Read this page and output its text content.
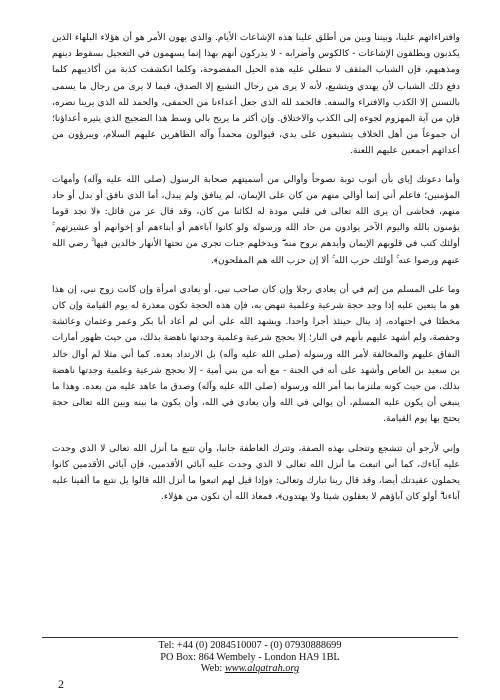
وافتراءاتهم علينا، وبيننا وبين من أطلق علينا هذه الإشاعات الأيام. والذي يهون الأمر هو أن هؤلاء البلهاء الذين يكذبون ويطلقون الإشاعات - كالكوس وأضرابه - لا يدركون أنهم بهذا إنما يسهمون في التعجيل بسقوط دينهم ومذهبهم، فإن الشباب المثقف لا تنطلي عليه هذه الحيل المفضوحة، وكلما انكشفت كذبة من أكاذيبهم كلما دفع ذلك الشباب لأن يهتدي ويتشيع، لأنه لا يرى من رجال التشيع إلا الصدق، فيما لا يرى من رجال ما يسمى بالتسنن إلا الكذب والافتراء والسفه. فالحمد لله الذي جعل أعداءنا من الحمقى، والحمد لله الذي يرينا نصره، فإن من آية المهزوم لجوءه إلى الكذب والاختلاق. وإن أكثر ما يريح بالي وسط هذا الضجيج الذي يثيره أعداؤنا؛ أن جموعاً من أهل الخلاف يتشيعون على يدي، فيوالون محمداً وآله الطاهرين عليهم السلام، ويبرؤون من أعدائهم أجمعين عليهم اللعنة.

وأما دعوتك إياي بأن أتوب توبة نصوحاً وأوالي من أسميتهم صحابة الرسول (صلى الله عليه وآله) وأمهات المؤمنين؛ فاعلم أني إنما أوالي منهم من كان على الإيمان، لم ينافق ولم يبدل، أما الذي نافق أو بدل أو حاد منهم، فحاشى أن يرى الله تعالى في قلبي مودة له لكائنا من كان، وقد قال عز من قائل: ﴿لا تجد قوما يؤمنون بالله واليوم الآخر يوادون من حاد الله ورسوله ولو كانوا آباءهم أو أبناءهم أو إخوانهم أو عشيرتهم ۚ أولئك كتب في قلوبهم الإيمان وأيدهم بروح منه ۖ ويدخلهم جنات تجري من تحتها الأنهار خالدين فيها ۚ رضي الله عنهم ورضوا عنه ۚ أولئك حزب الله ۚ ألا إن حزب الله هم المفلحون﴾.

وما على المسلم من إثم في أن يعادي رجلا وإن كان صاحب نبي، أو يعادي امرأة وإن كانت زوج نبي، إن هذا هو ما يتعين عليه إذا وجد حجة شرعية وعلمية تنهض به، فإن هذه الحجة تكون معذرة له يوم القيامة وإن كان مخطئا في اجتهاده، إذ ينال حينئذ أجرا واحدا. ويشهد الله علي أني لم أعاد أبا بكر وعمر وعثمان وعائشة وحفصة، ولم أشهد عليهم بأنهم في النار؛ إلا بحجج شرعية وعلمية وجدتها ناهضة بذلك، من حيث ظهور أمارات النفاق عليهم والمخالفة لأمر الله ورسوله (صلى الله عليه وآله) بل الارتداد بعده. كما أني مثلا لم أوال خالد بن سعيد بن العاص وأشهد على أنه في الجنة - مع أنه من بني أمية - إلا بحجج شرعية وعلمية وجدتها ناهضة بذلك، من حيث كونه ملتزما بما أمر الله ورسوله (صلى الله عليه وآله) وصدق ما عاهد عليه من بعده. وهذا ما ينبغي أن يكون عليه المسلم، أن يوالي في الله وأن يعادي في الله، وأن يكون ما بينه وبين الله تعالى حجة يحتج بها يوم القيامة.

وإني لأرجو أن تتشجع وتتحلى بهذه الصفة، وتترك العاطفة جانبا، وأن تتبع ما أنزل الله تعالى لا الذي وجدت عليه آباءك، كما أني اتبعت ما أنزل الله تعالى لا الذي وجدت عليه آبائي الأقدمين، فإن آبائي الأقدمين كانوا يحملون عقيدتك أيضا، وقد قال ربنا تبارك وتعالى: ﴿وإذا قيل لهم اتبعوا ما أنزل الله قالوا بل نتبع ما ألفينا عليه آباءنا ۗ أولو كان آباؤهم لا يعقلون شيئا ولا يهتدون﴾، فمعاذ الله أن نكون من هؤلاء.

Tel: +44 (0) 2084510007 - (0) 07930888699
PO Box: 864 Wembely - London HA9 1BL
Web: www.alqatrah.org
2
